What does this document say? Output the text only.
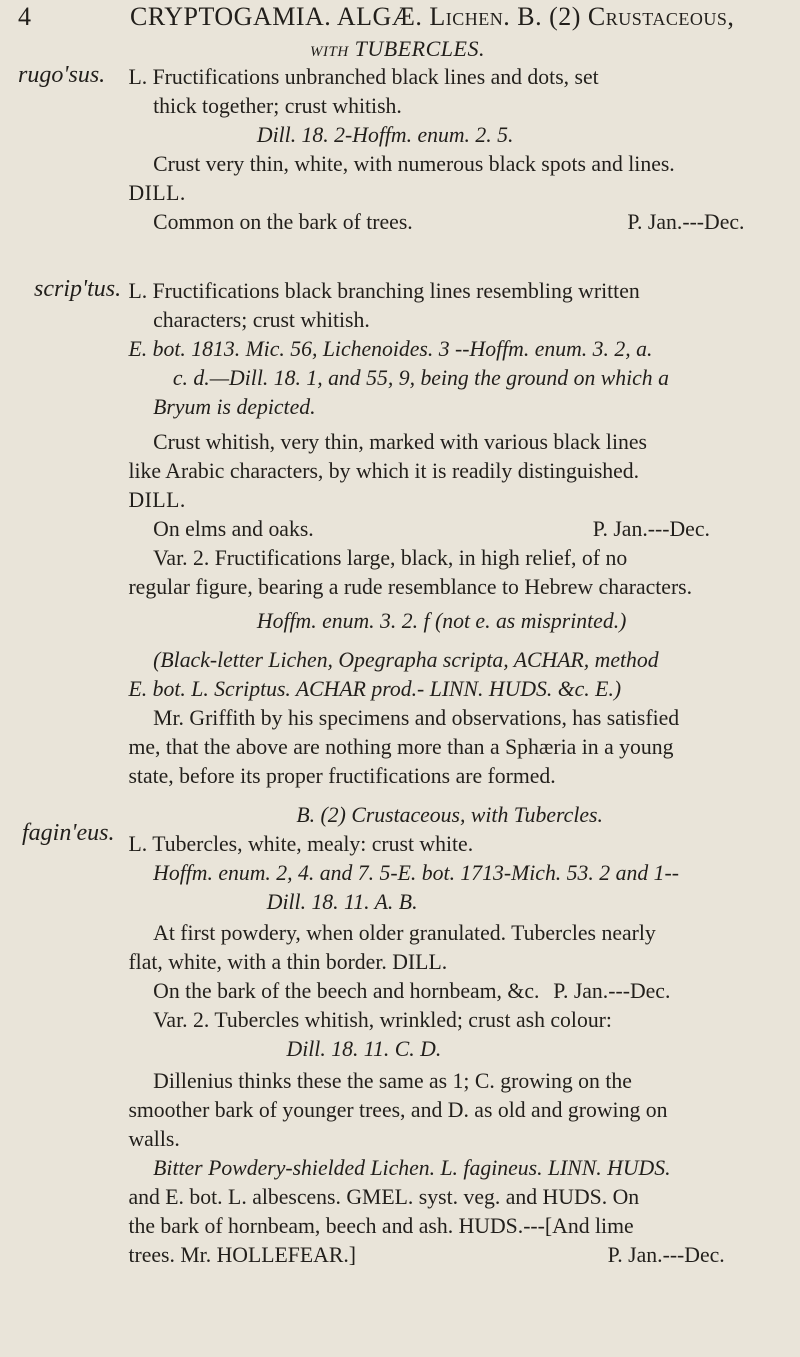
4	CRYPTOGAMIA. ALGÆ. Lichen. B. (2) Crustaceous,
with TUBERCLES.
rugo'sus.
scrip'tus.
fagin'eus.
L. Fructifications unbranched black lines and dots, set
thick together; crust whitish.
Dill. 18. 2-Hoffm. enum. 2. 5.
Crust very thin, white, with numerous black spots and lines.
DILL.
Common on the bark of trees.	P. Jan.---Dec.
L. Fructifications black branching lines resembling written
characters; crust whitish.
E. bot. 1813. Mic. 56, Lichenoides. 3 --Hoffm. enum. 3. 2, a.
c. d.—Dill. 18. 1, and 55, 9, being the ground on which a
Bryum is depicted.
Crust whitish, very thin, marked with various black lines
like Arabic characters, by which it is readily distinguished.
DILL.
On elms and oaks.	P. Jan.---Dec.
Var. 2. Fructifications large, black, in high relief, of no
regular figure, bearing a rude resemblance to Hebrew characters.
Hoffm. enum. 3. 2. f (not e. as misprinted.)
(Black-letter Lichen, Opegrapha scripta, ACHAR, method
E. bot. L. Scriptus. ACHAR prod.- LINN. HUDS. &c. E.)
Mr. Griffith by his specimens and observations, has satisfied
me, that the above are nothing more than a Sphæria in a young
state, before its proper fructifications are formed.
B. (2) Crustaceous, with Tubercles.
L. Tubercles, white, mealy: crust white.
Hoffm. enum. 2, 4. and 7. 5-E. bot. 1713-Mich. 53. 2 and 1--
Dill. 18. 11. A. B.
At first powdery, when older granulated. Tubercles nearly
flat, white, with a thin border. DILL.
On the bark of the beech and hornbeam, &c. P. Jan.---Dec.
Var. 2. Tubercles whitish, wrinkled; crust ash colour:
Dill. 18. 11. C. D.
Dillenius thinks these the same as 1; C. growing on the
smoother bark of younger trees, and D. as old and growing on
walls.
Bitter Powdery-shielded Lichen. L. fagineus. LINN. HUDS.
and E. bot. L. albescens. GMEL. syst. veg. and HUDS. On
the bark of hornbeam, beech and ash. HUDS.---[And lime
trees. Mr. HOLLEFEAR.]	P. Jan.---Dec.
